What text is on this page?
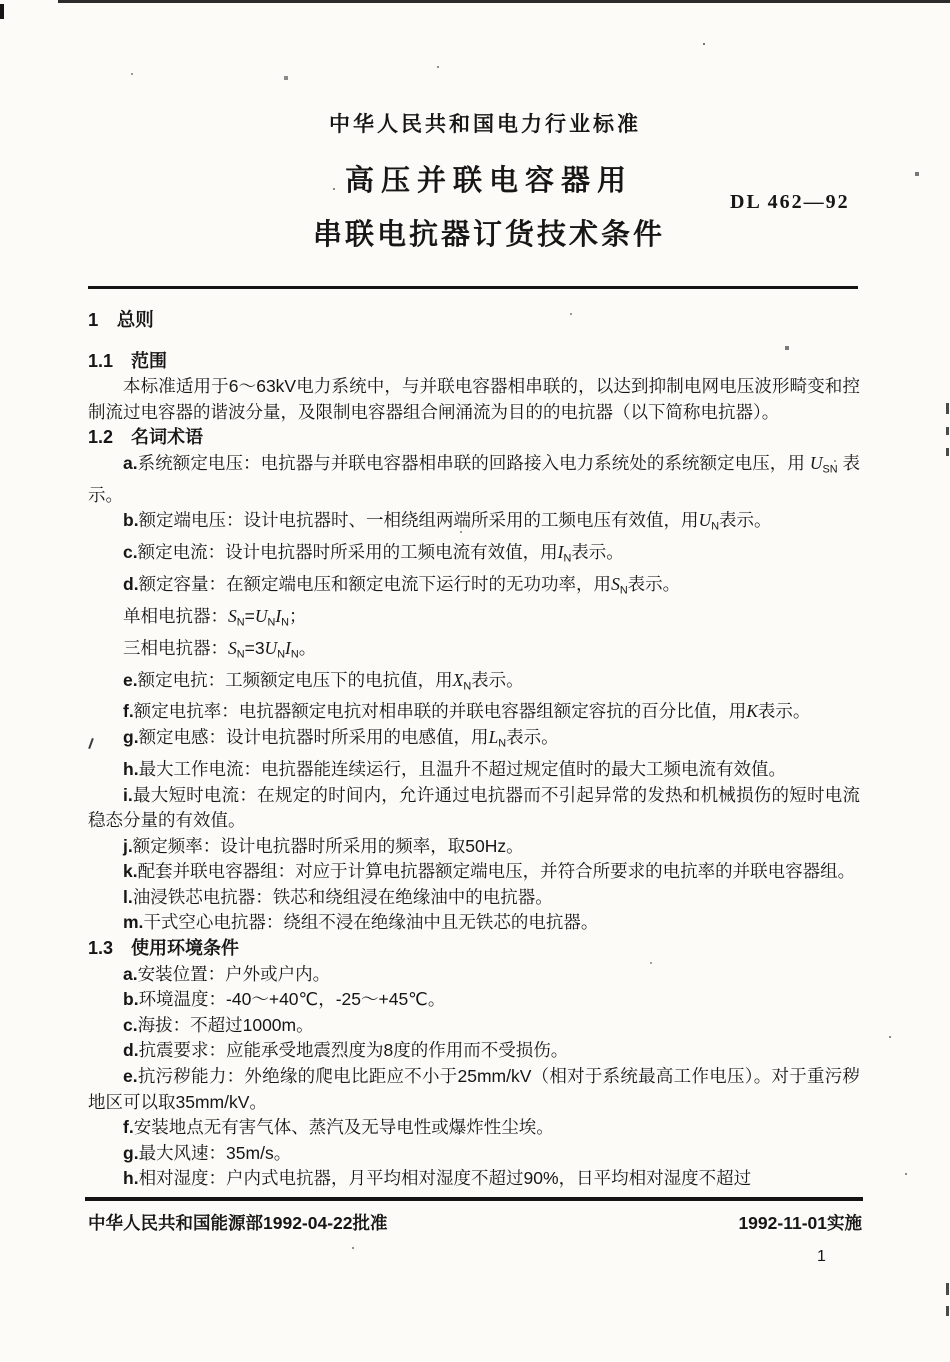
中华人民共和国电力行业标准
高压并联电容器用
DL 462—92
串联电抗器订货技术条件

1　总则

1.1　范围

本标准适用于6～63kV电力系统中，与并联电容器相串联的，以达到抑制电网电压波形畸变和控制流过电容器的谐波分量，及限制电容器组合闸涌流为目的的电抗器（以下简称电抗器）。

1.2　名词术语

a.系统额定电压：电抗器与并联电容器相串联的回路接入电力系统处的系统额定电压，用 $U_{SN}$ 表示。

b.额定端电压：设计电抗器时、一相绕组两端所采用的工频电压有效值，用$U_N$表示。

c.额定电流：设计电抗器时所采用的工频电流有效值，用$I_N$表示。

d.额定容量：在额定端电压和额定电流下运行时的无功功率，用$S_N$表示。

单相电抗器：$S_N=U_NI_N$；

三相电抗器：$S_N=3U_NI_N$。

e.额定电抗：工频额定电压下的电抗值，用$X_N$表示。

f.额定电抗率：电抗器额定电抗对相串联的并联电容器组额定容抗的百分比值，用K表示。

g.额定电感：设计电抗器时所采用的电感值，用$L_N$表示。

h.最大工作电流：电抗器能连续运行，且温升不超过规定值时的最大工频电流有效值。

i.最大短时电流：在规定的时间内，允许通过电抗器而不引起异常的发热和机械损伤的短时电流稳态分量的有效值。

j.额定频率：设计电抗器时所采用的频率，取50Hz。

k.配套并联电容器组：对应于计算电抗器额定端电压，并符合所要求的电抗率的并联电容器组。

l.油浸铁芯电抗器：铁芯和绕组浸在绝缘油中的电抗器。

m.干式空心电抗器：绕组不浸在绝缘油中且无铁芯的电抗器。

1.3　使用环境条件

a.安装位置：户外或户内。

b.环境温度：-40～+40℃，-25～+45℃。

c.海拔：不超过1000m。

d.抗震要求：应能承受地震烈度为8度的作用而不受损伤。

e.抗污秽能力：外绝缘的爬电比距应不小于25mm/kV（相对于系统最高工作电压）。对于重污秽地区可以取35mm/kV。

f.安装地点无有害气体、蒸汽及无导电性或爆炸性尘埃。

g.最大风速：35m/s。

h.相对湿度：户内式电抗器，月平均相对湿度不超过90%，日平均相对湿度不超过

中华人民共和国能源部1992-04-22批准	1992-11-01实施
1
